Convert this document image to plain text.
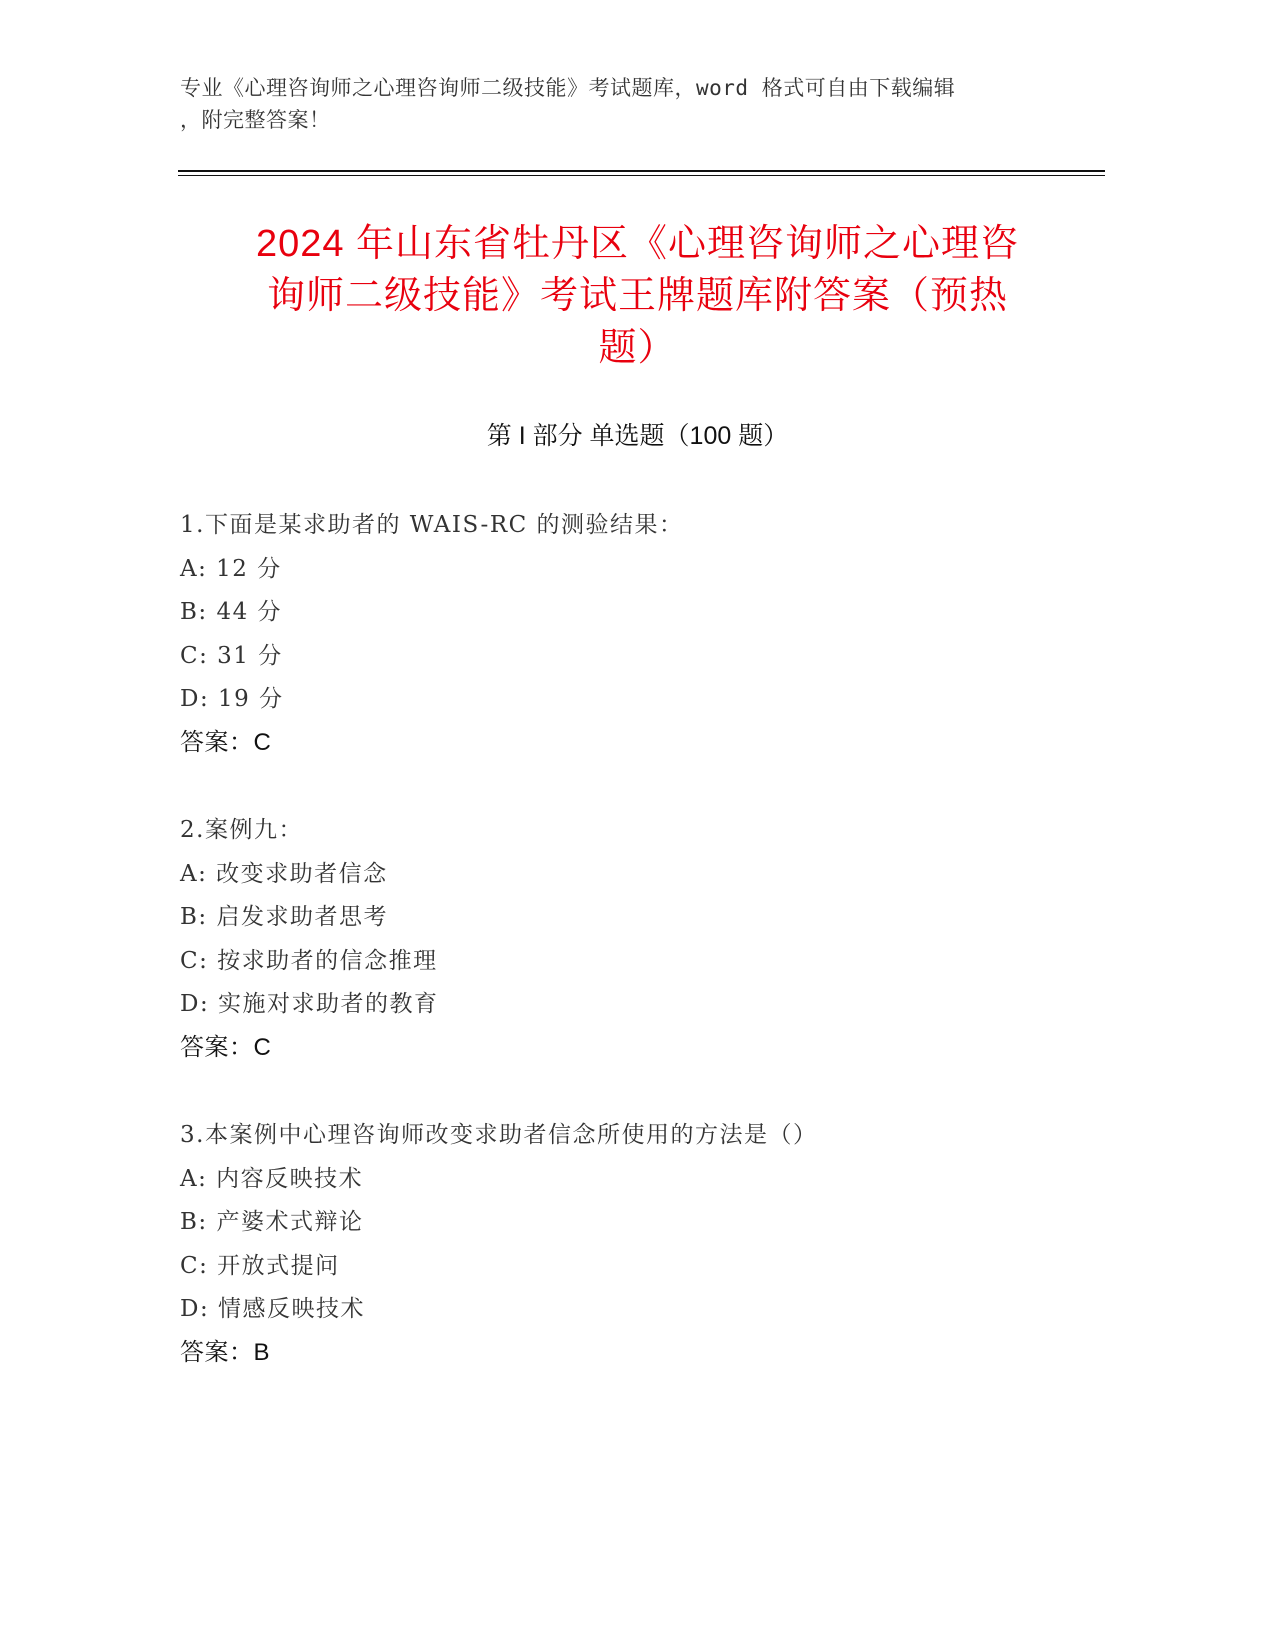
专业《心理咨询师之心理咨询师二级技能》考试题库，word 格式可自由下载编辑
，附完整答案！
2024 年山东省牡丹区《心理咨询师之心理咨
询师二级技能》考试王牌题库附答案（预热
题）
第 I 部分 单选题（100 题）
1.下面是某求助者的 WAIS-RC 的测验结果：
A: 12 分
B: 44 分
C: 31 分
D: 19 分
答案：C
2.案例九：
A: 改变求助者信念
B: 启发求助者思考
C: 按求助者的信念推理
D: 实施对求助者的教育
答案：C
3.本案例中心理咨询师改变求助者信念所使用的方法是（）
A: 内容反映技术
B: 产婆术式辩论
C: 开放式提问
D: 情感反映技术
答案：B
